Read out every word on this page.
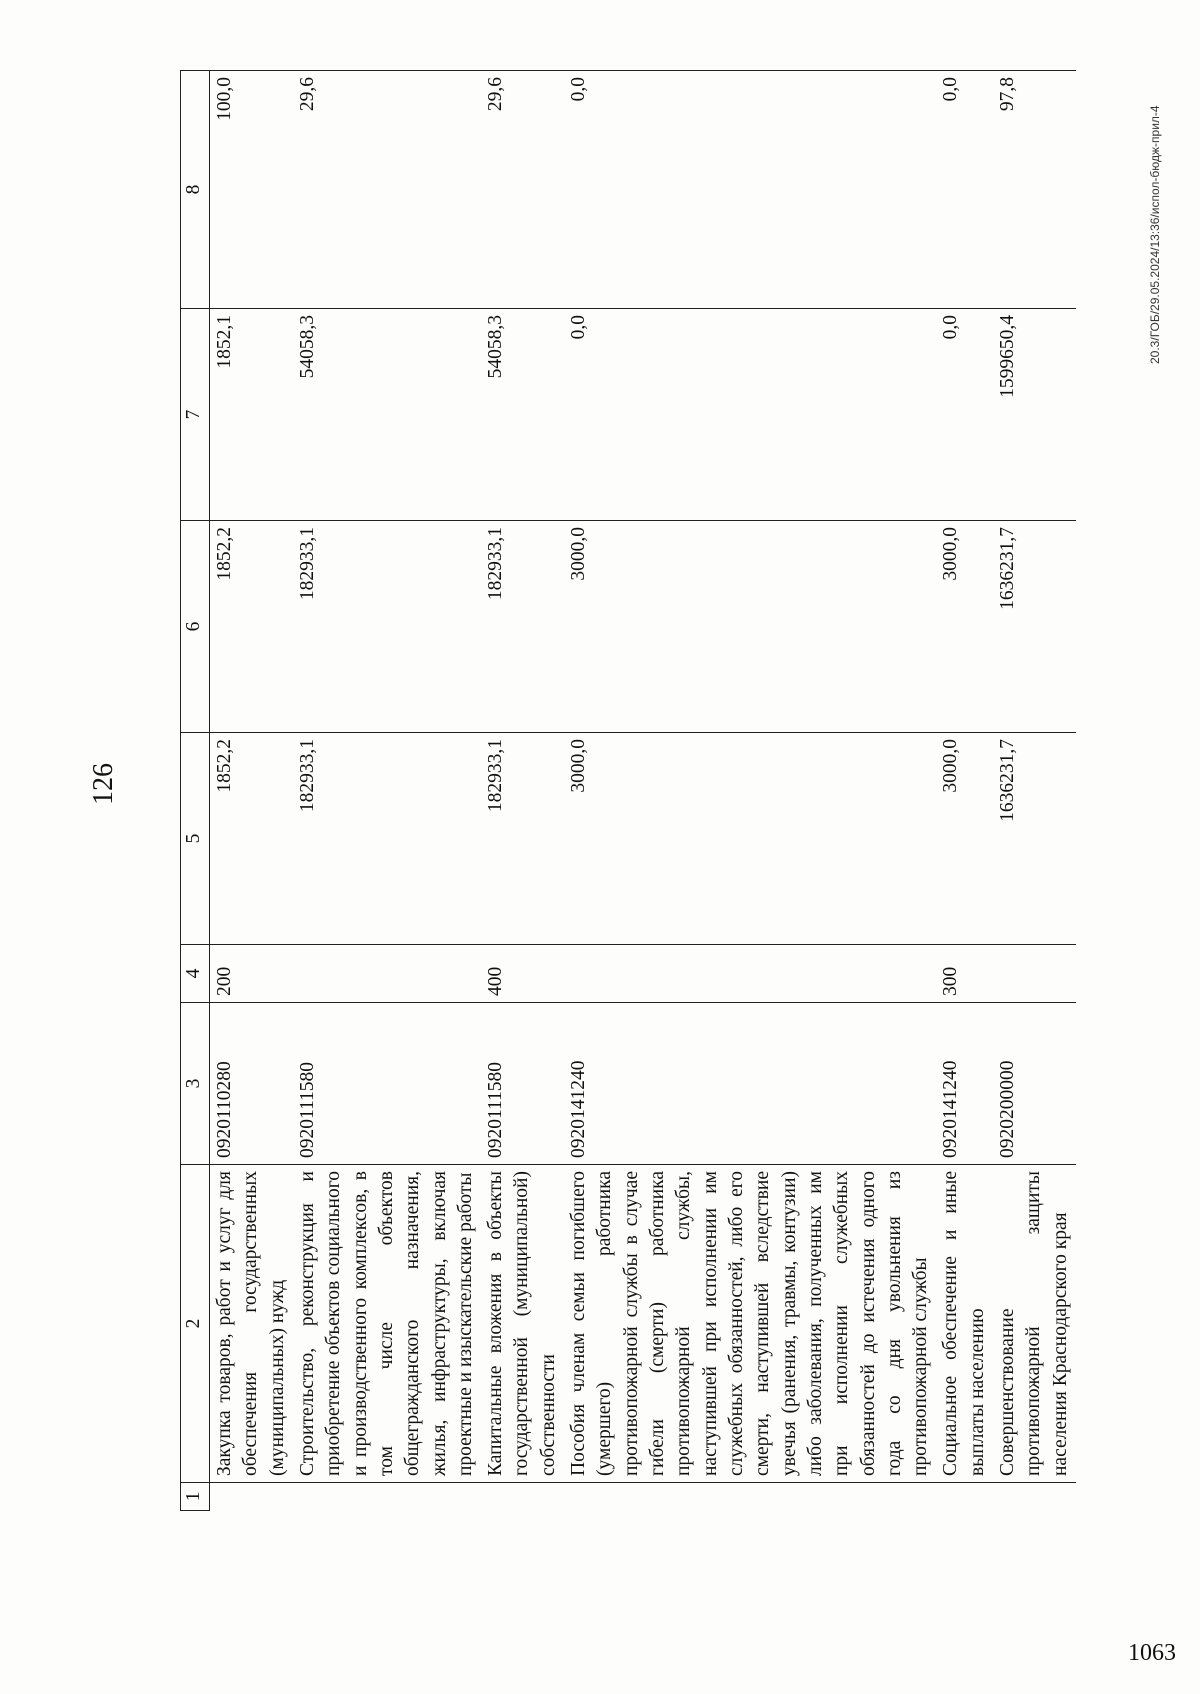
126
1	2	3	4	5	6	7	8
	Закупка товаров, работ и услуг для обеспечения государственных (муниципальных) нужд	0920110280	200	1852,2	1852,2	1852,1	100,0
	Строительство, реконструкция и приобретение объектов социального и производственного комплексов, в том числе объектов общегражданского назначения, жилья, инфраструктуры, включая проектные и изыскательские работы	0920111580		182933,1	182933,1	54058,3	29,6
	Капитальные вложения в объекты государственной (муниципальной) собственности	0920111580	400	182933,1	182933,1	54058,3	29,6
	Пособия членам семьи погибшего (умершего) работника противопожарной службы в случае гибели (смерти) работника противопожарной службы, наступившей при исполнении им служебных обязанностей, либо его смерти, наступившей вследствие увечья (ранения, травмы, контузии) либо заболевания, полученных им при исполнении служебных обязанностей до истечения одного года со дня увольнения из противопожарной службы	0920141240		3000,0	3000,0	0,0	0,0
	Социальное обеспечение и иные выплаты населению	0920141240	300	3000,0	3000,0	0,0	0,0
	Совершенствование противопожарной защиты населения Краснодарского края	0920200000		1636231,7	1636231,7	1599650,4	97,8
20.3/ГОБ/29.05.2024/13:36/испол-бюдж-прил-4
1063
